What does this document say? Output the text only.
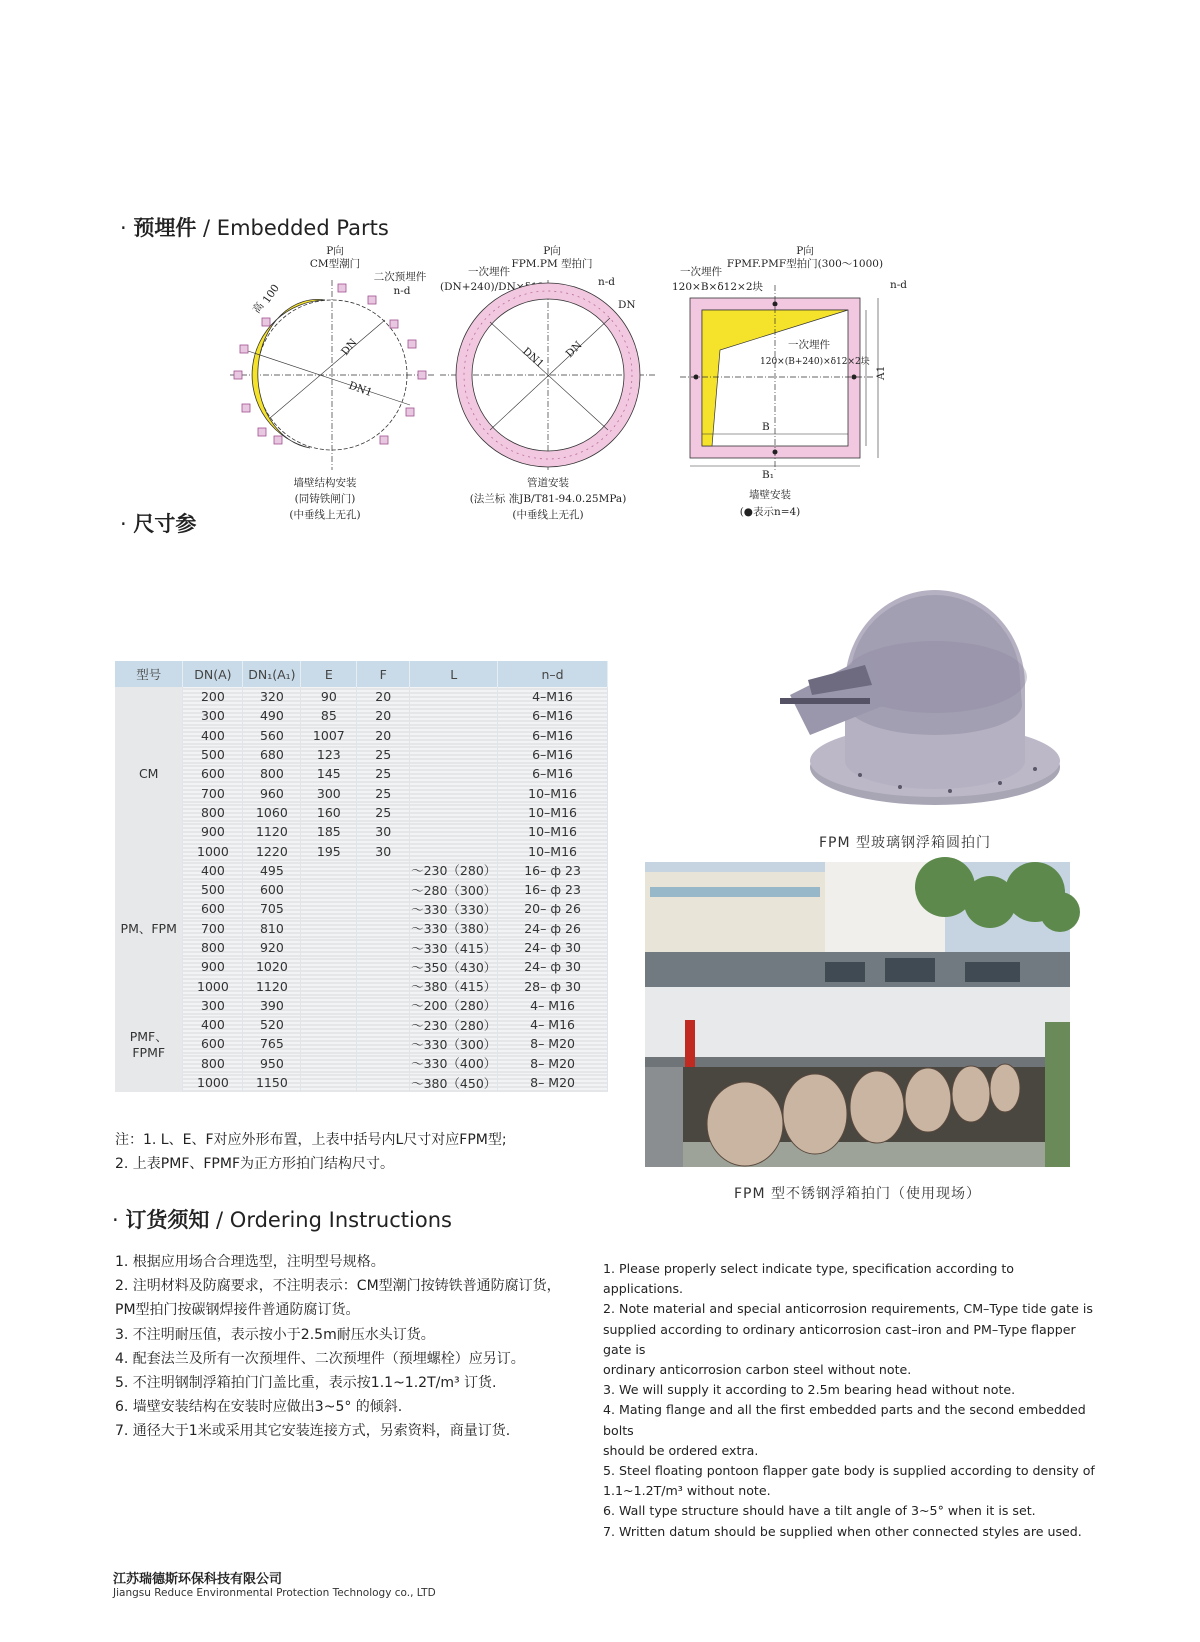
· 预埋件 / Embedded Parts
P向
CM型潮门
二次预埋件
n-d
高
100
DN
DN1
墙壁结构安装
(同铸铁闸门)
(中垂线上无孔)
P向
FPM.PM 型拍门
一次埋件
(DN+240)/DN×δ12	n-d
DN
DN1 DN
管道安装
(法兰标 准JB/T81-94.0.25MPa)
(中垂线上无孔)
P向
FPMF.PMF型拍门(300～1000)
一次埋件
120×B×δ12×2块	n-d
一次埋件
120×(B+240)×δ12×2块
B
B₁
A1
墙壁安装
(●表示n=4)
· 尺寸参
型号	DN(A)	DN₁(A₁)	E	F	L	n–d
CM	200	320	90	20		4–M16
	300	490	85	20		6–M16
	400	560	1007	20		6–M16
	500	680	123	25		6–M16
	600	800	145	25		6–M16
	700	960	300	25		10–M16
	800	1060	160	25		10–M16
	900	1120	185	30		10–M16
	1000	1220	195	30		10–M16
PM、FPM	400	495			～230（280）	16– ф 23
	500	600			～280（300）	16– ф 23
	600	705			～330（330）	20– ф 26
	700	810			～330（380）	24– ф 26
	800	920			～330（415）	24– ф 30
	900	1020			～350（430）	24– ф 30
	1000	1120			～380（415）	28– ф 30
PMF、FPMF	300	390			～200（280）	4– M16
	400	520			～230（280）	4– M16
	600	765			～330（300）	8– M20
	800	950			～330（400）	8– M20
	1000	1150			～380（450）	8– M20
注：1. L、E、F对应外形布置，上表中括号内L尺寸对应FPM型;
2. 上表PMF、FPMF为正方形拍门结构尺寸。
FPM 型玻璃钢浮箱圆拍门
FPM 型不锈钢浮箱拍门（使用现场）
· 订货须知 / Ordering Instructions
1. 根据应用场合合理选型，注明型号规格。
2. 注明材料及防腐要求，不注明表示：CM型潮门按铸铁普通防腐订货，
PM型拍门按碳钢焊接件普通防腐订货。
3. 不注明耐压值，表示按小于2.5m耐压水头订货。
4. 配套法兰及所有一次预埋件、二次预埋件（预埋螺栓）应另订。
5. 不注明钢制浮箱拍门门盖比重，表示按1.1~1.2T/m³ 订货.
6. 墙壁安装结构在安装时应做出3~5° 的倾斜.
7. 通径大于1米或采用其它安装连接方式，另索资料，商量订货.
1. Please properly select indicate type, specification according to applications.
2. Note material and special anticorrosion requirements, CM–Type tide gate is
supplied according to ordinary anticorrosion cast–iron and PM–Type flapper gate is
ordinary anticorrosion carbon steel without note.
3. We will supply it according to 2.5m bearing head without note.
4. Mating flange and all the first embedded parts and the second embedded bolts
should be ordered extra.
5. Steel floating pontoon flapper gate body is supplied according to density of
1.1~1.2T/m³ without note.
6. Wall type structure should have a tilt angle of 3~5° when it is set.
7. Written datum should be supplied when other connected styles are used.
江苏瑞德斯环保科技有限公司
Jiangsu Reduce Environmental Protection Technology co., LTD
